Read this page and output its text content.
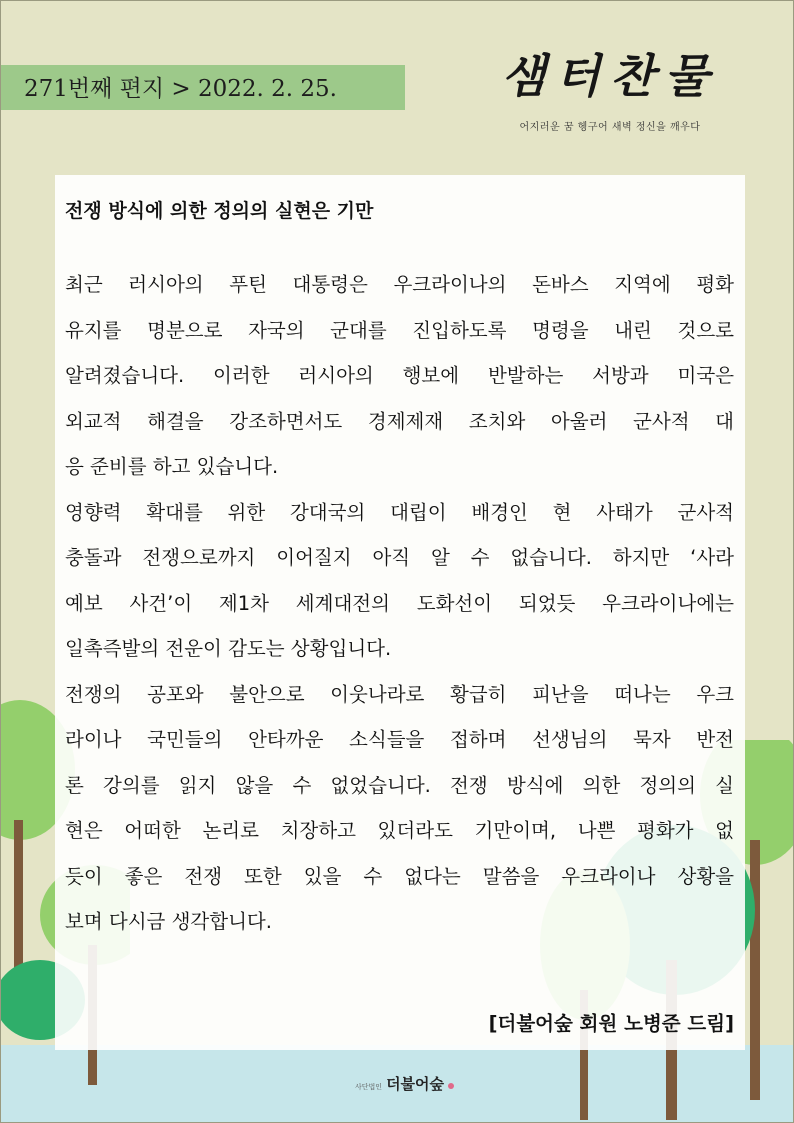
271번째 편지 > 2022. 2. 25.	샘터찬물
어지러운 꿈 헹구어 새벽 정신을 깨우다
전쟁 방식에 의한 정의의 실현은 기만
최근 러시아의 푸틴 대통령은 우크라이나의 돈바스 지역에 평화
유지를 명분으로 자국의 군대를 진입하도록 명령을 내린 것으로
알려졌습니다. 이러한 러시아의 행보에 반발하는 서방과 미국은
외교적 해결을 강조하면서도 경제제재 조치와 아울러 군사적 대
응 준비를 하고 있습니다.
영향력 확대를 위한 강대국의 대립이 배경인 현 사태가 군사적
충돌과 전쟁으로까지 이어질지 아직 알 수 없습니다. 하지만 ‘사라
예보 사건’이 제1차 세계대전의 도화선이 되었듯 우크라이나에는
일촉즉발의 전운이 감도는 상황입니다.
전쟁의 공포와 불안으로 이웃나라로 황급히 피난을 떠나는 우크
라이나 국민들의 안타까운 소식들을 접하며 선생님의 묵자 반전
론 강의를 읽지 않을 수 없었습니다. 전쟁 방식에 의한 정의의 실
현은 어떠한 논리로 치장하고 있더라도 기만이며, 나쁜 평화가 없
듯이 좋은 전쟁 또한 있을 수 없다는 말씀을 우크라이나 상황을
보며 다시금 생각합니다.
[더불어숲 회원 노병준 드림]
사단법인 더불어숲
